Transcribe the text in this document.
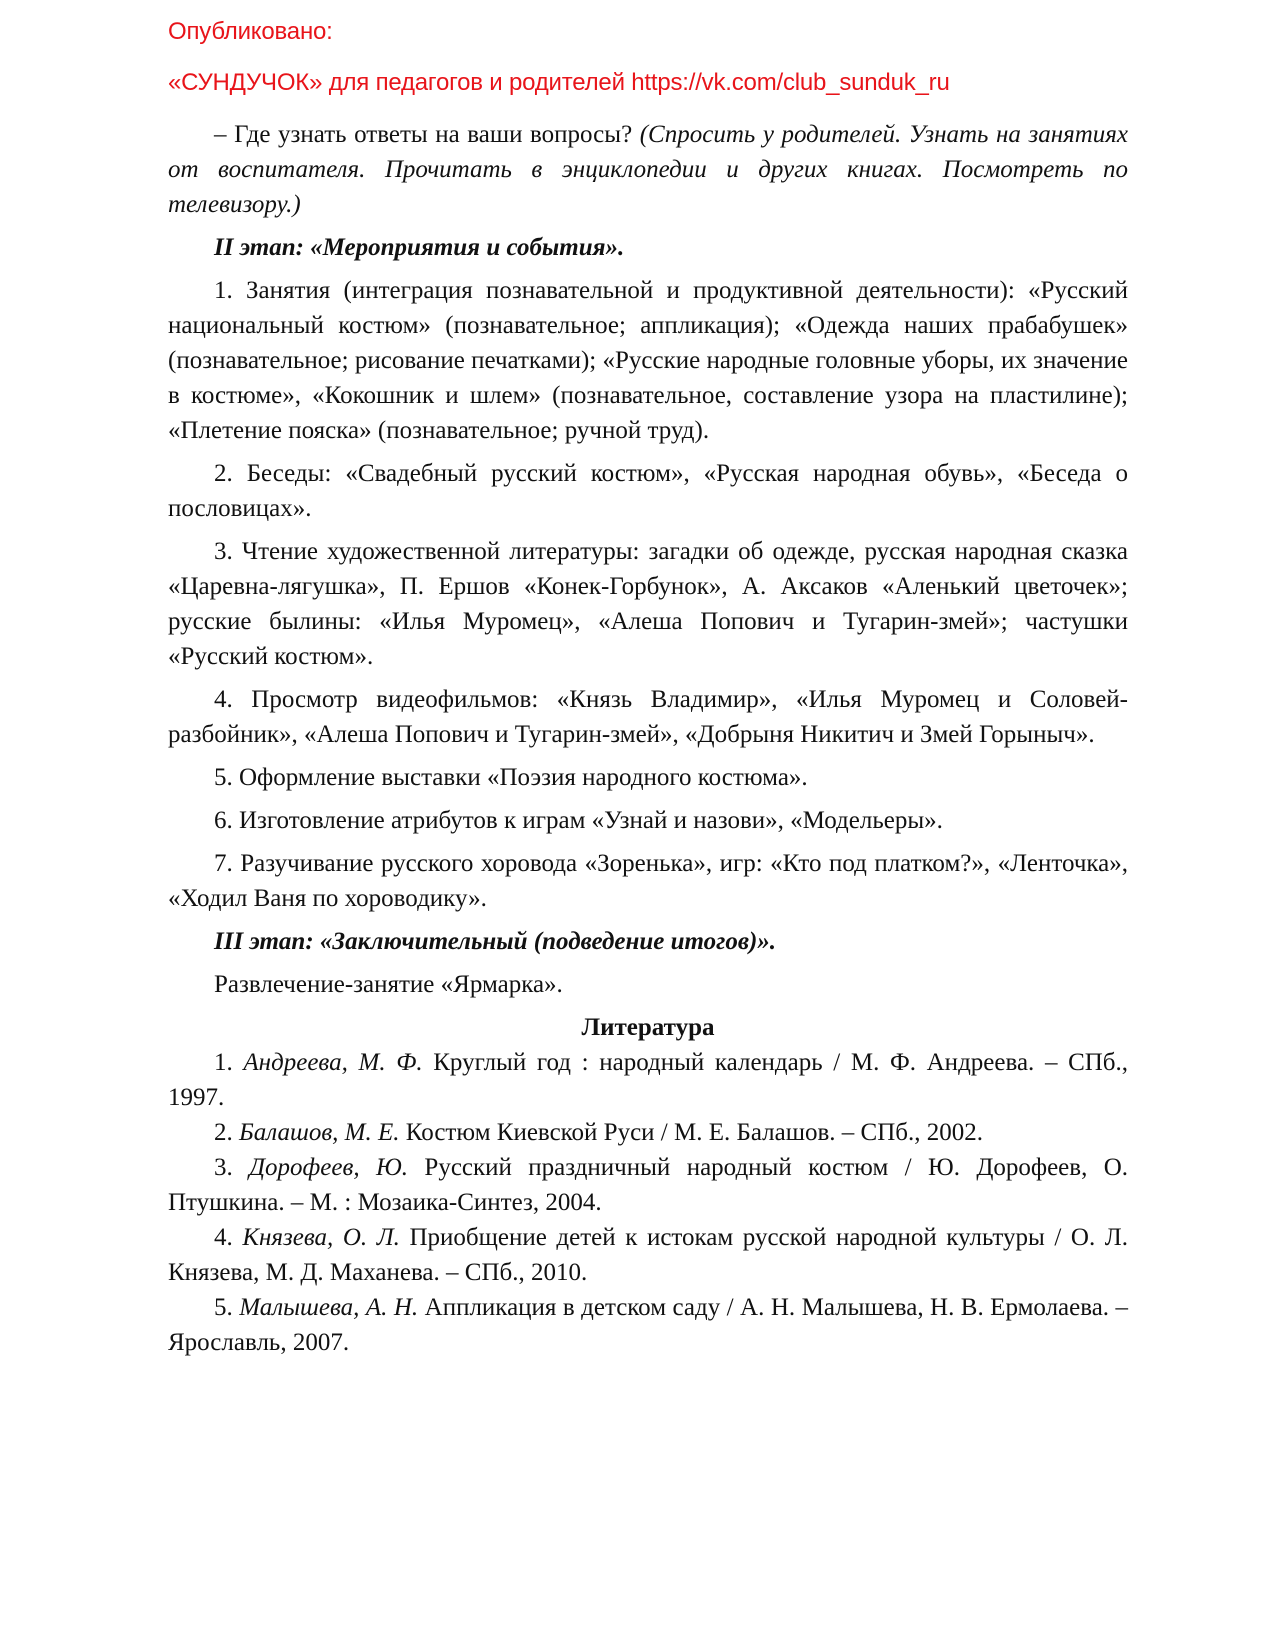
Опубликовано:
«СУНДУЧОК» для педагогов и родителей https://vk.com/club_sunduk_ru

– Где узнать ответы на ваши вопросы? (Спросить у родителей. Узнать на занятиях от воспитателя. Прочитать в энциклопедии и других книгах. Посмотреть по телевизору.)

II этап: «Мероприятия и события».

1. Занятия (интеграция познавательной и продуктивной деятельности): «Русский национальный костюм» (познавательное; аппликация); «Одежда наших прабабушек» (познавательное; рисование печатками); «Русские народные головные уборы, их значение в костюме», «Кокошник и шлем» (познавательное, составление узора на пластилине); «Плетение пояска» (познавательное; ручной труд).

2. Беседы: «Свадебный русский костюм», «Русская народная обувь», «Беседа о пословицах».

3. Чтение художественной литературы: загадки об одежде, русская народная сказка «Царевна-лягушка», П. Ершов «Конек-Горбунок», А. Аксаков «Аленький цветочек»; русские былины: «Илья Муромец», «Алеша Попович и Тугарин-змей»; частушки «Русский костюм».

4. Просмотр видеофильмов: «Князь Владимир», «Илья Муромец и Соловей-разбойник», «Алеша Попович и Тугарин-змей», «Добрыня Никитич и Змей Горыныч».

5. Оформление выставки «Поэзия народного костюма».

6. Изготовление атрибутов к играм «Узнай и назови», «Модельеры».

7. Разучивание русского хоровода «Зоренька», игр: «Кто под платком?», «Ленточка», «Ходил Ваня по хороводику».

III этап: «Заключительный (подведение итогов)».

Развлечение-занятие «Ярмарка».

Литература

1. Андреева, М. Ф. Круглый год : народный календарь / М. Ф. Андреева. – СПб., 1997.

2. Балашов, М. Е. Костюм Киевской Руси / М. Е. Балашов. – СПб., 2002.

3. Дорофеев, Ю. Русский праздничный народный костюм / Ю. Дорофеев, О. Птушкина. – М. : Мозаика-Синтез, 2004.

4. Князева, О. Л. Приобщение детей к истокам русской народной культуры / О. Л. Князева, М. Д. Маханева. – СПб., 2010.

5. Малышева, А. Н. Аппликация в детском саду / А. Н. Малышева, Н. В. Ермолаева. – Ярославль, 2007.
